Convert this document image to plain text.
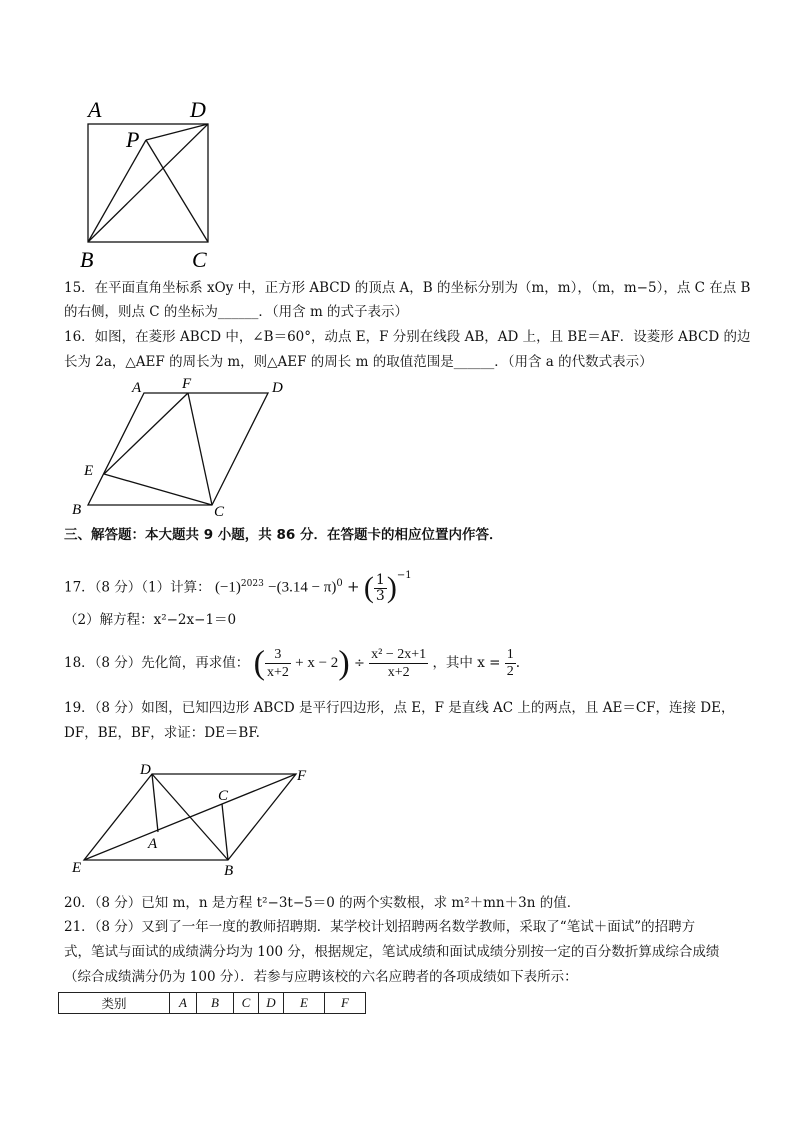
A	D
P
B	C
15．在平面直角坐标系 xOy 中，正方形 ABCD 的顶点 A，B 的坐标分别为（m，m），（m，m−5），点 C 在点 B
的右侧，则点 C 的坐标为______．（用含 m 的式子表示）
16．如图，在菱形 ABCD 中，∠B＝60°，动点 E，F 分别在线段 AB，AD 上，且 BE＝AF．设菱形 ABCD 的边
长为 2a，△AEF 的周长为 m，则△AEF 的周长 m 的取值范围是______．（用含 a 的代数式表示）
A	F	D
E
B	C
三、解答题：本大题共 9 小题，共 86 分．在答题卡的相应位置内作答．
17．（8 分）（1）计算： $(-1)^{2023} -(3.14 - \pi)^0$ + ( $\frac{1}{3} )^{-1}$
（2）解方程：x²−2x−1＝0
18．（8 分）先化简，再求值： ( $\frac{3}{x+2} + x - 2) \div \frac{\text{x² − 2x+1}}{x+2}$ ，其中 $x = \frac{1}{2}$ .
19．（8 分）如图，已知四边形 ABCD 是平行四边形，点 E，F 是直线 AC 上的两点，且 AE＝CF，连接 DE，
DF，BE，BF，求证：DE＝BF.
D	F
C
A
E	B
20．（8 分）已知 m，n 是方程 t²−3t−5＝0 的两个实数根，求 m²＋mn＋3n 的值．
21．（8 分）又到了一年一度的教师招聘期．某学校计划招聘两名数学教师，采取了“笔试＋面试”的招聘方
式，笔试与面试的成绩满分均为 100 分，根据规定，笔试成绩和面试成绩分别按一定的百分数折算成综合成绩
（综合成绩满分仍为 100 分）．若参与应聘该校的六名应聘者的各项成绩如下表所示：
类别	A	B	C	D	E	F
